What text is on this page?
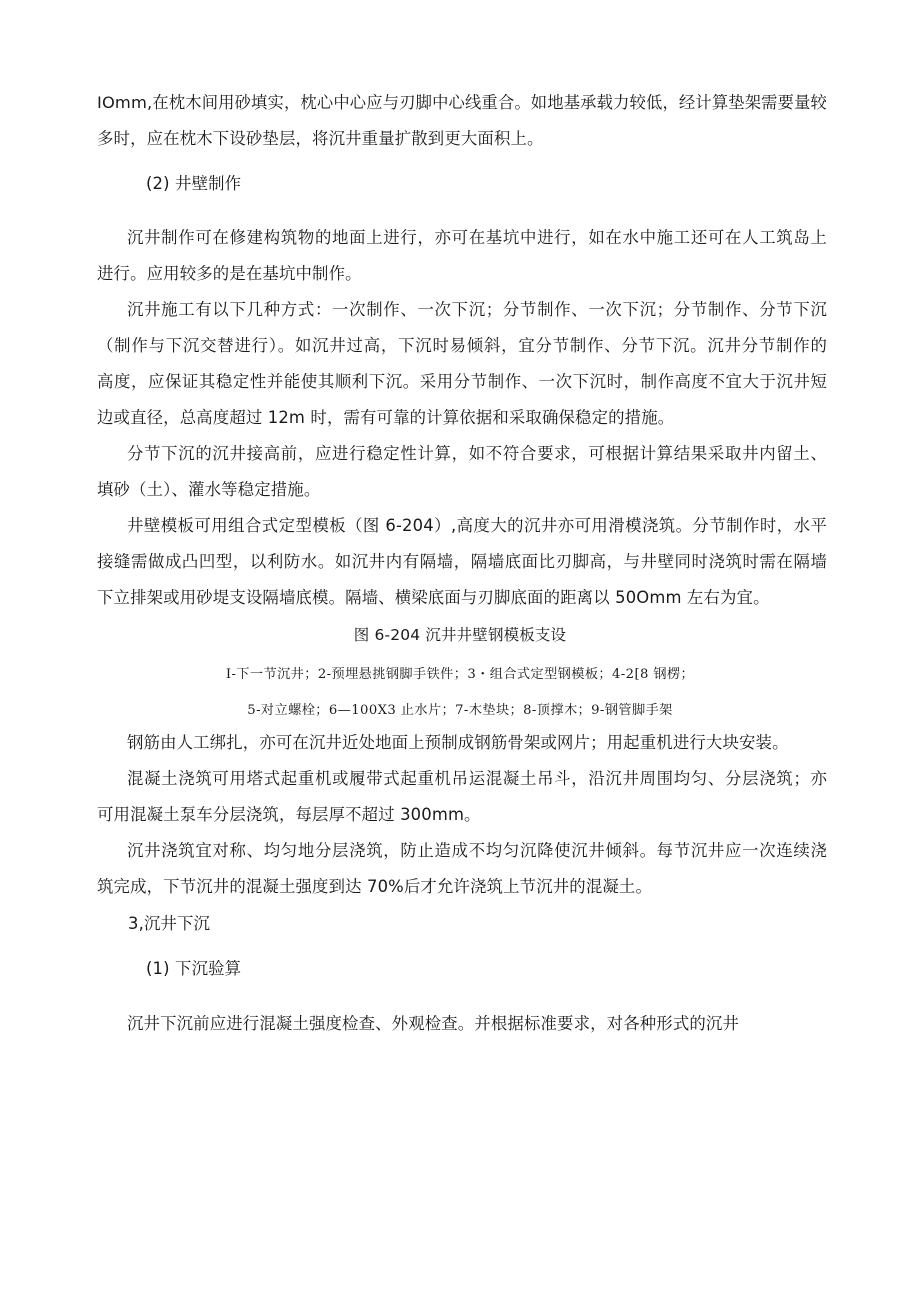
IOmm,在枕木间用砂填实，枕心中心应与刃脚中心线重合。如地基承载力较低，经计算垫架需要量较
多时，应在枕木下设砂垫层，将沉井重量扩散到更大面积上。
(2) 井壁制作
沉井制作可在修建构筑物的地面上进行，亦可在基坑中进行，如在水中施工还可在人工筑岛上
进行。应用较多的是在基坑中制作。
沉井施工有以下几种方式：一次制作、一次下沉；分节制作、一次下沉；分节制作、分节下沉
（制作与下沉交替进行）。如沉井过高，下沉时易倾斜，宜分节制作、分节下沉。沉井分节制作的
高度，应保证其稳定性并能使其顺利下沉。采用分节制作、一次下沉时，制作高度不宜大于沉井短
边或直径，总高度超过 12m 时，需有可靠的计算依据和采取确保稳定的措施。
分节下沉的沉井接高前，应进行稳定性计算，如不符合要求，可根据计算结果采取井内留土、
填砂（土）、灌水等稳定措施。
井壁模板可用组合式定型模板（图 6-204）,高度大的沉井亦可用滑模浇筑。分节制作时，水平
接缝需做成凸凹型，以利防水。如沉井内有隔墙，隔墙底面比刃脚高，与井壁同时浇筑时需在隔墙
下立排架或用砂堤支设隔墙底模。隔墙、横梁底面与刃脚底面的距离以 50Omm 左右为宜。
图 6-204 沉井井壁钢模板支设
I-下一节沉井；2-预埋悬挑钢脚手铁件；3・组合式定型钢模板；4-2[8 钢楞；
5-对立螺栓；6—100X3 止水片；7-木垫块；8-顶撑木；9-钢管脚手架
钢筋由人工绑扎，亦可在沉井近处地面上预制成钢筋骨架或网片；用起重机进行大块安装。
混凝土浇筑可用塔式起重机或履带式起重机吊运混凝土吊斗，沿沉井周围均匀、分层浇筑；亦
可用混凝土泵车分层浇筑，每层厚不超过 300mm。
沉井浇筑宜对称、均匀地分层浇筑，防止造成不均匀沉降使沉井倾斜。每节沉井应一次连续浇
筑完成，下节沉井的混凝土强度到达 70%后才允许浇筑上节沉井的混凝土。
3,沉井下沉
(1) 下沉验算
沉井下沉前应进行混凝土强度检查、外观检查。并根据标准要求，对各种形式的沉井
